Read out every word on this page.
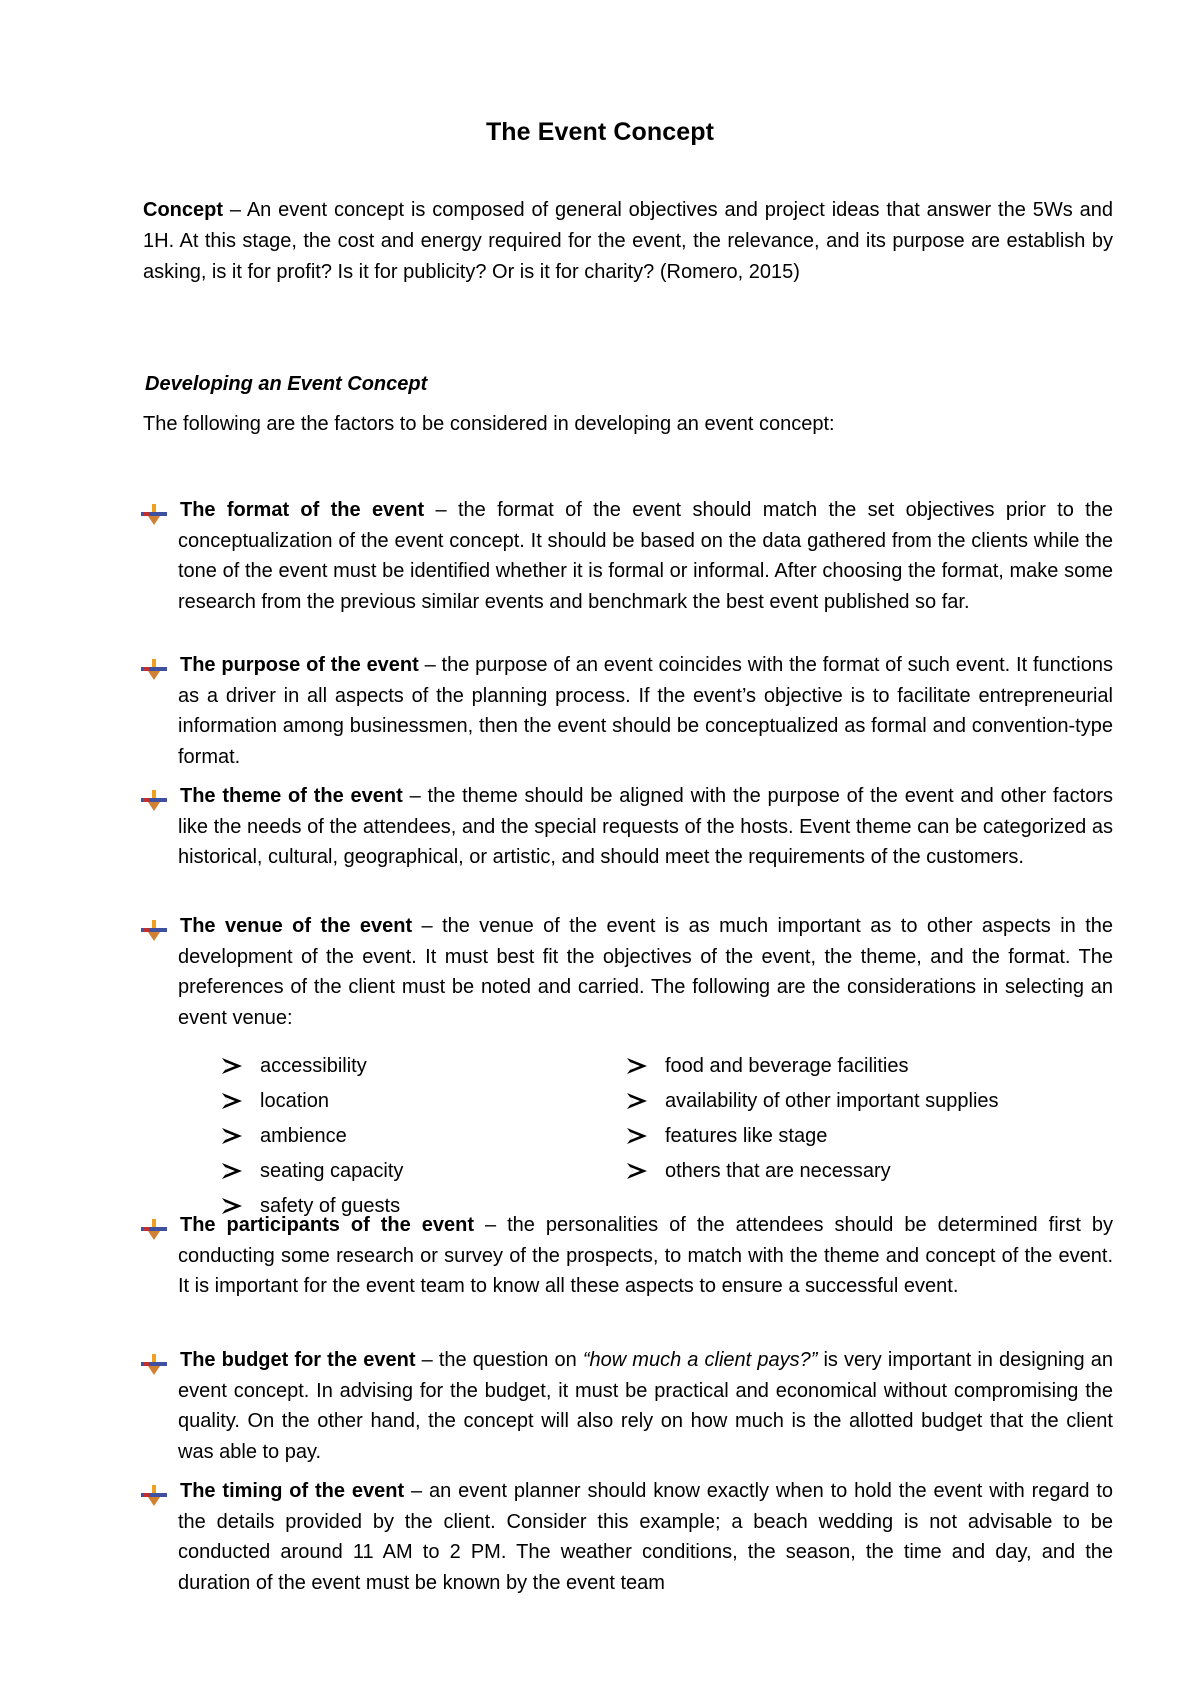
The Event Concept
Concept – An event concept is composed of general objectives and project ideas that answer the 5Ws and 1H. At this stage, the cost and energy required for the event, the relevance, and its purpose are establish by asking, is it for profit? Is it for publicity? Or is it for charity? (Romero, 2015)
Developing an Event Concept
The following are the factors to be considered in developing an event concept:
The format of the event – the format of the event should match the set objectives prior to the conceptualization of the event concept. It should be based on the data gathered from the clients while the tone of the event must be identified whether it is formal or informal. After choosing the format, make some research from the previous similar events and benchmark the best event published so far.
The purpose of the event – the purpose of an event coincides with the format of such event. It functions as a driver in all aspects of the planning process. If the event’s objective is to facilitate entrepreneurial information among businessmen, then the event should be conceptualized as formal and convention-type format.
The theme of the event – the theme should be aligned with the purpose of the event and other factors like the needs of the attendees, and the special requests of the hosts. Event theme can be categorized as historical, cultural, geographical, or artistic, and should meet the requirements of the customers.
The venue of the event – the venue of the event is as much important as to other aspects in the development of the event. It must best fit the objectives of the event, the theme, and the format. The preferences of the client must be noted and carried. The following are the considerations in selecting an event venue:
accessibility
location
ambience
seating capacity
safety of guests
food and beverage facilities
availability of other important supplies
features like stage
others that are necessary
The participants of the event – the personalities of the attendees should be determined first by conducting some research or survey of the prospects, to match with the theme and concept of the event. It is important for the event team to know all these aspects to ensure a successful event.
The budget for the event – the question on “how much a client pays?” is very important in designing an event concept. In advising for the budget, it must be practical and economical without compromising the quality. On the other hand, the concept will also rely on how much is the allotted budget that the client was able to pay.
The timing of the event – an event planner should know exactly when to hold the event with regard to the details provided by the client. Consider this example; a beach wedding is not advisable to be conducted around 11 AM to 2 PM. The weather conditions, the season, the time and day, and the duration of the event must be known by the event team
